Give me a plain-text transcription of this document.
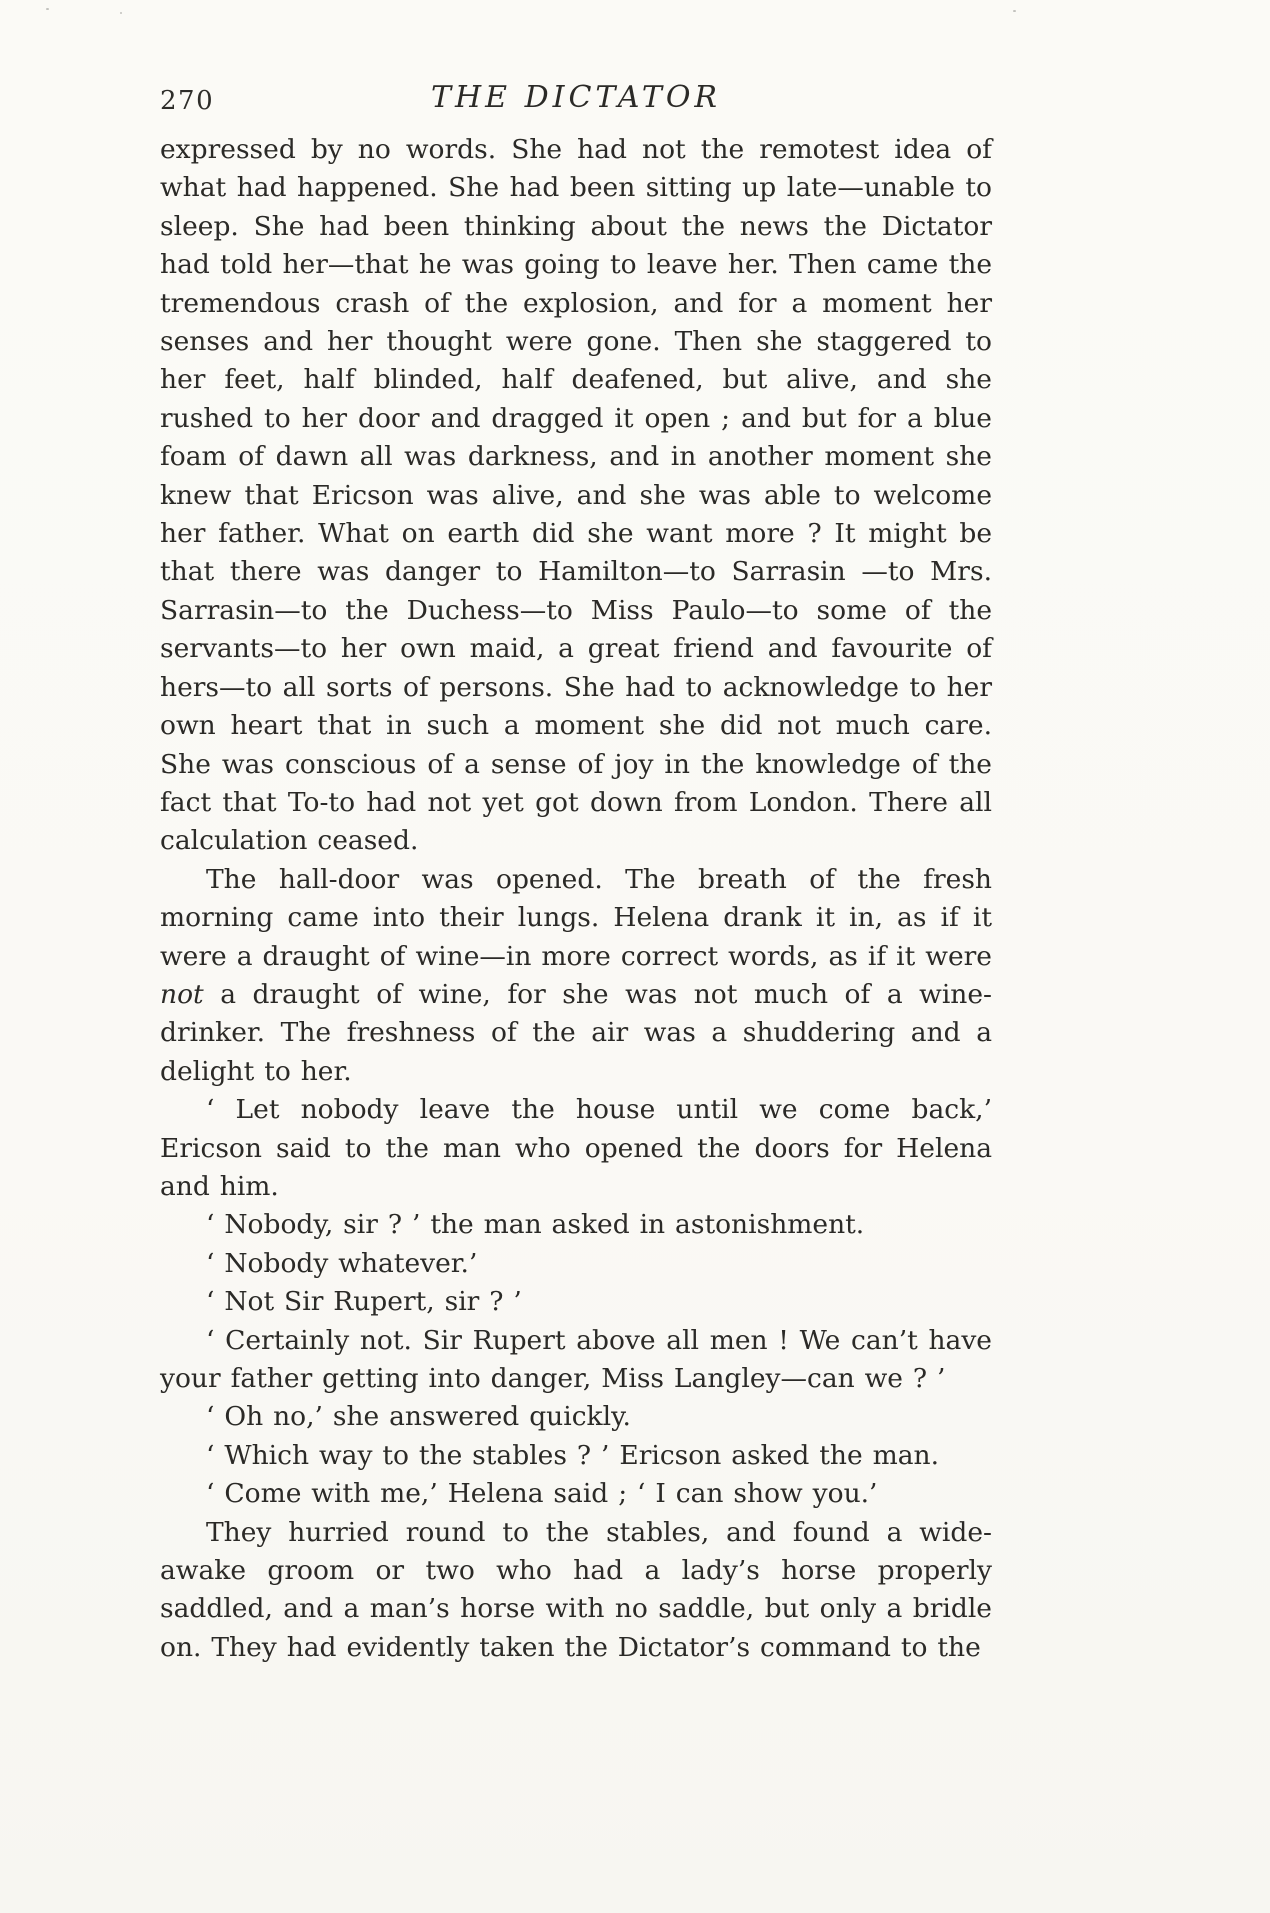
270	THE DICTATOR

expressed by no words. She had not the remotest idea of what had happened. She had been sitting up late—unable to sleep. She had been thinking about the news the Dictator had told her—that he was going to leave her. Then came the tremendous crash of the explosion, and for a moment her senses and her thought were gone. Then she staggered to her feet, half blinded, half deafened, but alive, and she rushed to her door and dragged it open ; and but for a blue foam of dawn all was darkness, and in another moment she knew that Ericson was alive, and she was able to welcome her father. What on earth did she want more ? It might be that there was danger to Hamilton—to Sarrasin —to Mrs. Sarrasin—to the Duchess—to Miss Paulo—to some of the servants—to her own maid, a great friend and favourite of hers—to all sorts of persons. She had to acknowledge to her own heart that in such a moment she did not much care. She was conscious of a sense of joy in the knowledge of the fact that To-to had not yet got down from London. There all calculation ceased.

The hall-door was opened. The breath of the fresh morning came into their lungs. Helena drank it in, as if it were a draught of wine—in more correct words, as if it were not a draught of wine, for she was not much of a wine-drinker. The freshness of the air was a shuddering and a delight to her.

‘ Let nobody leave the house until we come back,’ Ericson said to the man who opened the doors for Helena and him.

‘ Nobody, sir ? ’ the man asked in astonishment.

‘ Nobody whatever.’

‘ Not Sir Rupert, sir ? ’

‘ Certainly not. Sir Rupert above all men ! We can’t have your father getting into danger, Miss Langley—can we ? ’

‘ Oh no,’ she answered quickly.

‘ Which way to the stables ? ’ Ericson asked the man.

‘ Come with me,’ Helena said ; ‘ I can show you.’

They hurried round to the stables, and found a wide-awake groom or two who had a lady’s horse properly saddled, and a man’s horse with no saddle, but only a bridle on. They had evidently taken the Dictator’s command to the
